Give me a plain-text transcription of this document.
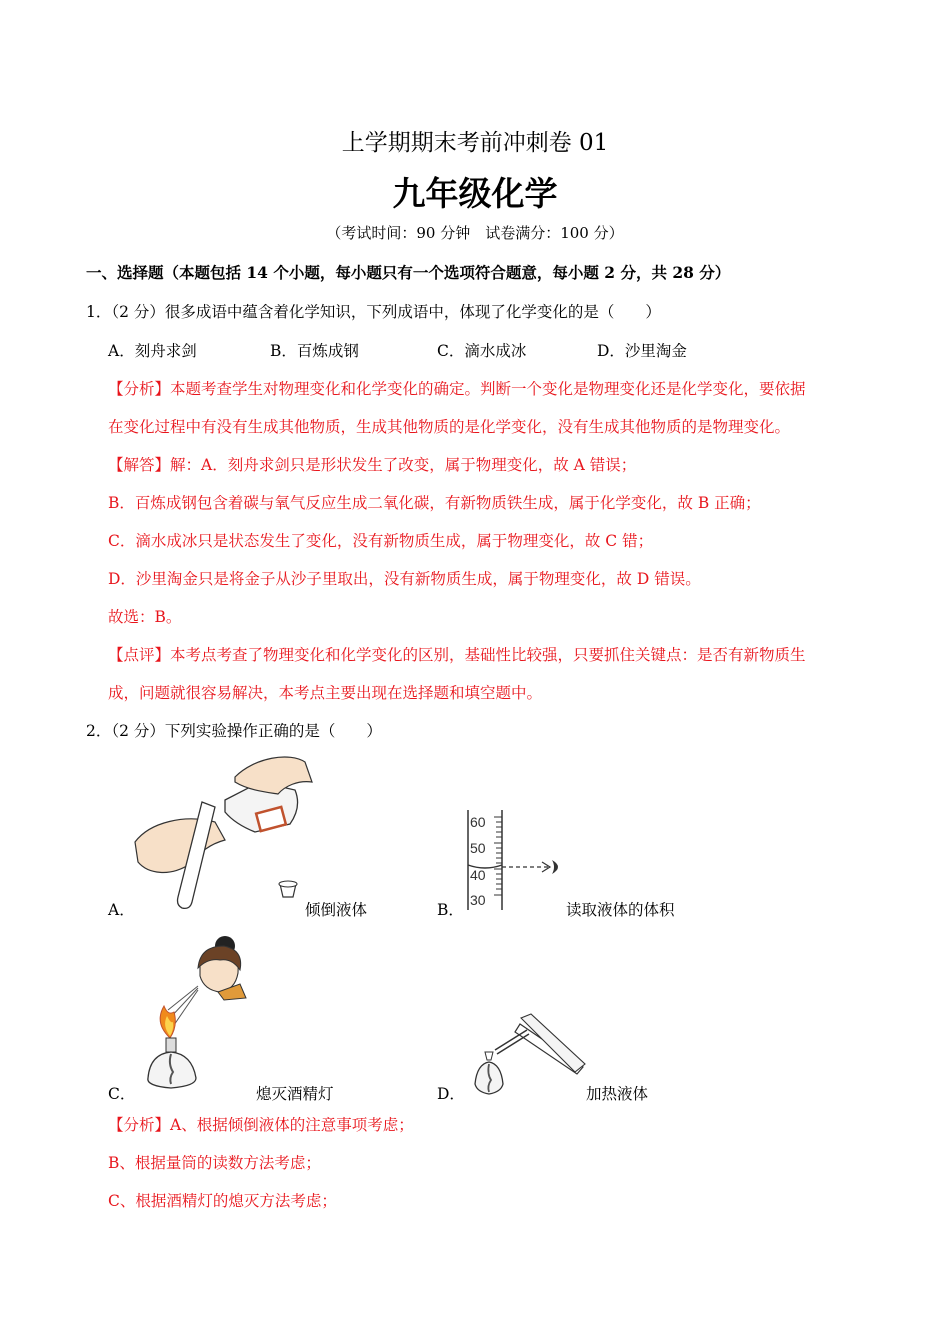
上学期期末考前冲刺卷 01
九年级化学
（考试时间：90 分钟　试卷满分：100 分）
一、选择题（本题包括 14 个小题，每小题只有一个选项符合题意，每小题 2 分，共 28 分）
1．（2 分）很多成语中蕴含着化学知识，下列成语中，体现了化学变化的是（　　）
A．刻舟求剑	B．百炼成钢	C．滴水成冰	D．沙里淘金
【分析】本题考查学生对物理变化和化学变化的确定。判断一个变化是物理变化还是化学变化，要依据
在变化过程中有没有生成其他物质，生成其他物质的是化学变化，没有生成其他物质的是物理变化。
【解答】解：A．刻舟求剑只是形状发生了改变，属于物理变化，故 A 错误；
B．百炼成钢包含着碳与氧气反应生成二氧化碳，有新物质铁生成，属于化学变化，故 B 正确；
C．滴水成冰只是状态发生了变化，没有新物质生成，属于物理变化，故 C 错；
D．沙里淘金只是将金子从沙子里取出，没有新物质生成，属于物理变化，故 D 错误。
故选：B。
【点评】本考点考查了物理变化和化学变化的区别，基础性比较强，只要抓住关键点：是否有新物质生
成，问题就很容易解决，本考点主要出现在选择题和填空题中。
2．（2 分）下列实验操作正确的是（　　）
A．	倾倒液体
60
50
40
30
B．	读取液体的体积
C．	熄灭酒精灯	D．	加热液体
【分析】A、根据倾倒液体的注意事项考虑；
B、根据量筒的读数方法考虑；
C、根据酒精灯的熄灭方法考虑；
